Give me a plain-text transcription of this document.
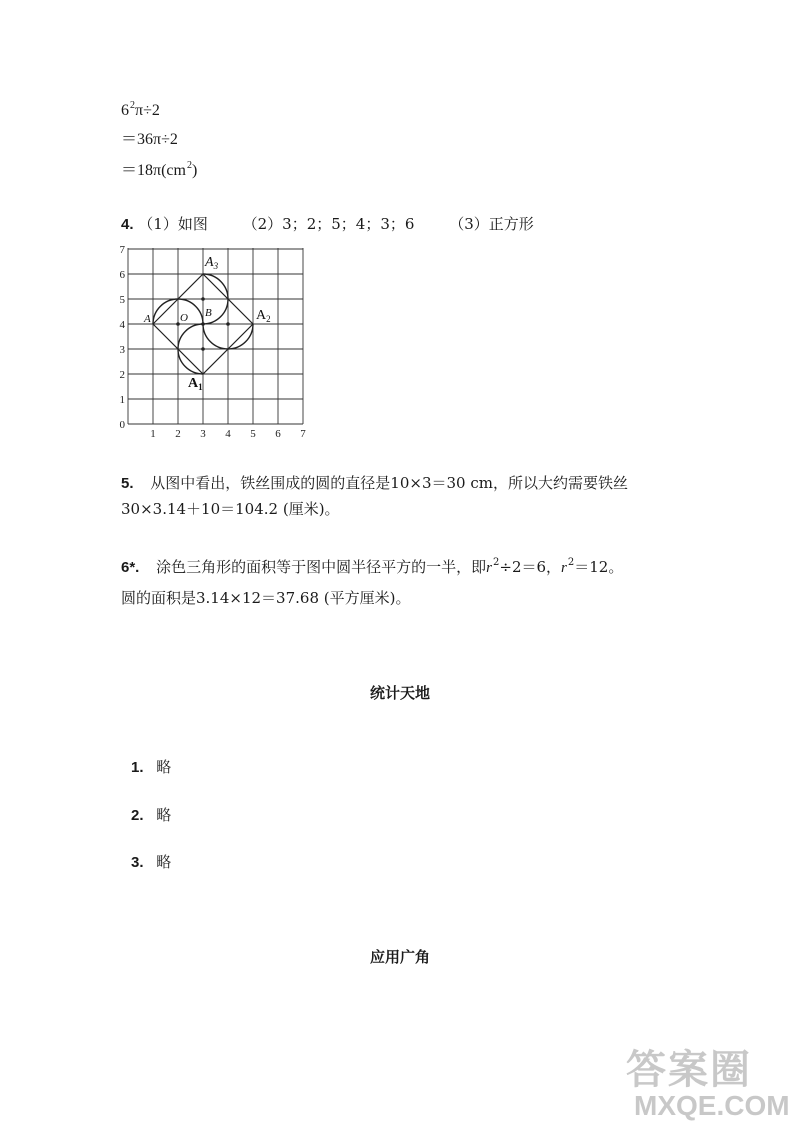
$6^2\pi\div 2$
＝36π÷2
$=18\pi(cm^2)$
4. （1）如图 （2）3；2；5；4；3；6 （3）正方形
1 2 3 4 5 6 7
0
1
2
3
4
5
6
7
A	O B
$A_1$
$A_2$
$A_3$
5. 从图中看出，铁丝围成的圆的直径是10×3＝30 cm，所以大约需要铁丝
30×3.14＋10＝104.2 (厘米)。
6*. 涂色三角形的面积等于图中圆半径平方的一半，即$r^2\div 2=6$，$r^2=12$。
圆的面积是3.14×12＝37.68 (平方厘米)。
统计天地
1. 略
2. 略
3. 略
应用广角
答案圈
MXQE.COM
